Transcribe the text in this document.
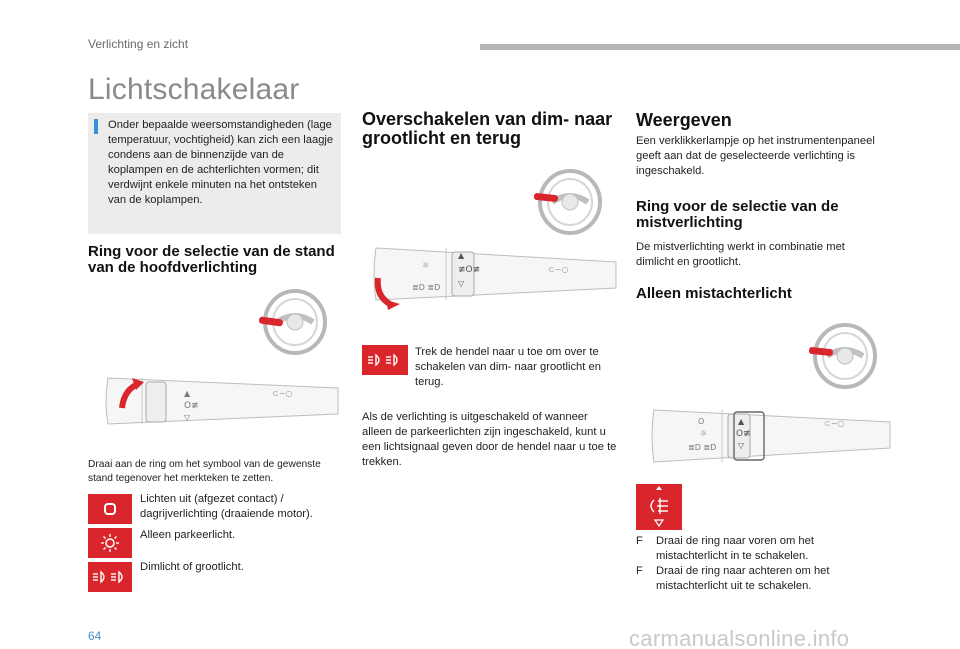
Verlichting en zicht
Lichtschakelaar
Onder bepaalde weersomstandigheden (lage temperatuur, vochtigheid) kan zich een laagje condens aan de binnenzijde van de koplampen en de achterlichten vormen; dit verdwijnt enkele minuten na het ontsteken van de koplampen.
Ring voor de selectie van de stand van de hoofdverlichting
▲
O≢
▽
⊂−○
Draai aan de ring om het symbool van de gewenste stand tegenover het merkteken te zetten.
Lichten uit (afgezet contact) / dagrijverlichting (draaiende motor).
Alleen parkeerlicht.
Dimlicht of grootlicht.
Overschakelen van dim- naar grootlicht en terug
☼
≣D ≣D
▲
≢O≢
▽
⊂−○
Trek de hendel naar u toe om over te schakelen van dim- naar grootlicht en terug.
Als de verlichting is uitgeschakeld of wanneer alleen de parkeerlichten zijn ingeschakeld, kunt u een lichtsignaal geven door de hendel naar u toe te trekken.
Weergeven
Een verklikkerlampje op het instrumentenpaneel geeft aan dat de geselecteerde verlichting is ingeschakeld.
Ring voor de selectie van de mistverlichting
De mistverlichting werkt in combinatie met dimlicht en grootlicht.
Alleen mistachterlicht
O
☼
≣D ≣D
▲
O≢
▽
⊂−○
F	Draai de ring naar voren om het mistachterlicht in te schakelen.
F	Draai de ring naar achteren om het mistachterlicht uit te schakelen.
64	carmanualsonline.info
